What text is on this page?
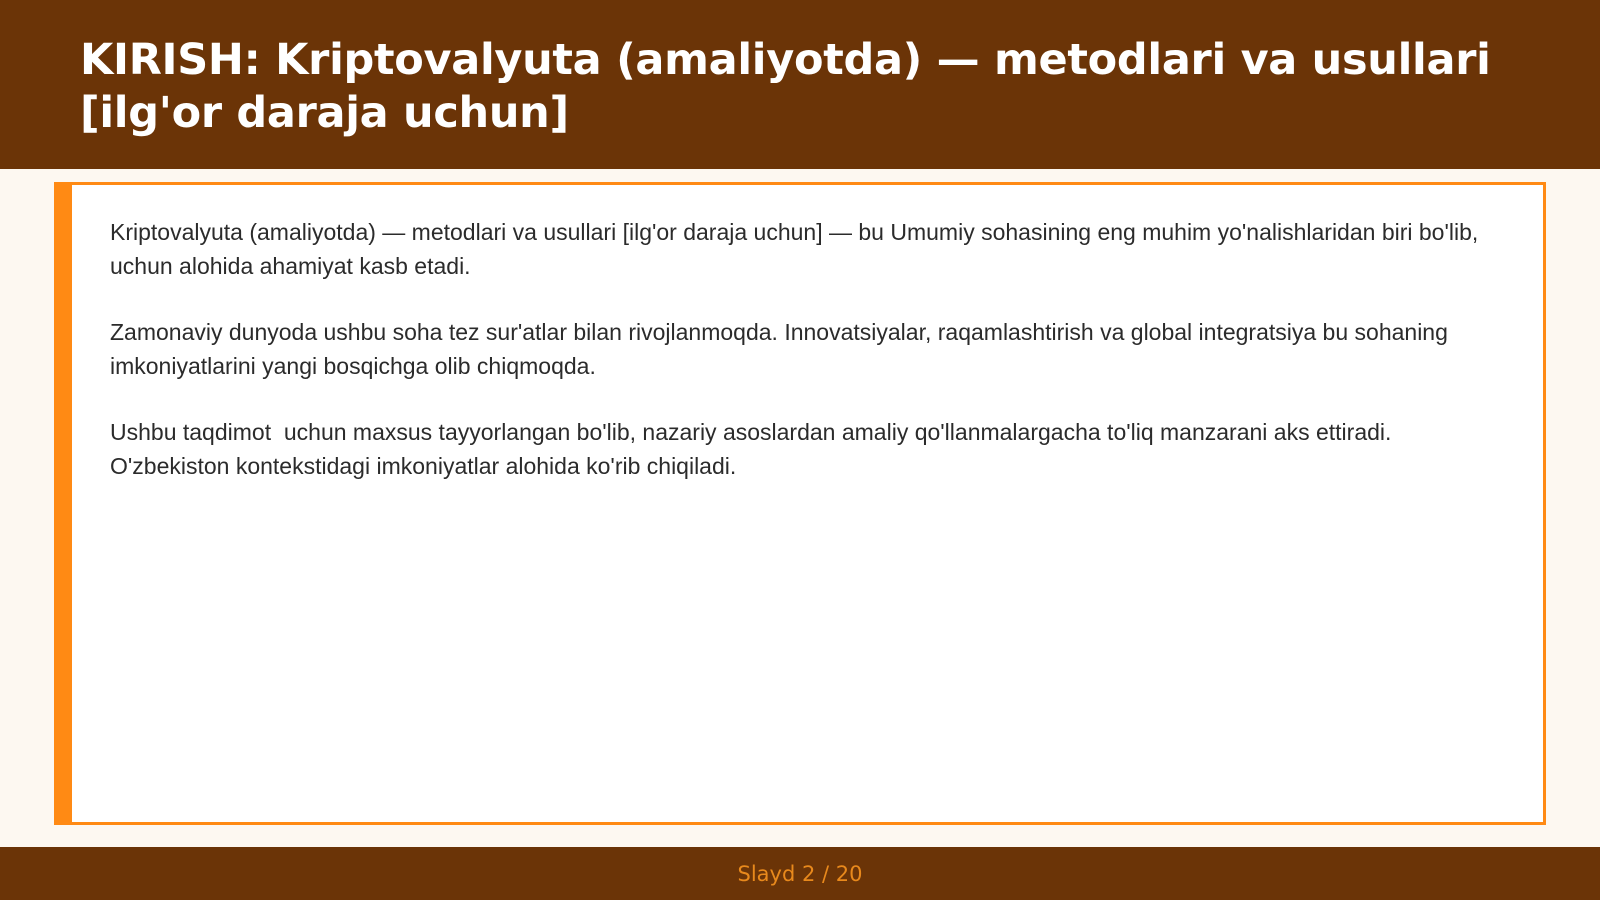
KIRISH: Kriptovalyuta (amaliyotda) — metodlari va usullari [ilg'or daraja uchun]

Kriptovalyuta (amaliyotda) — metodlari va usullari [ilg'or daraja uchun] — bu Umumiy sohasining eng muhim yo'nalishlaridan biri bo'lib,  uchun alohida ahamiyat kasb etadi.

Zamonaviy dunyoda ushbu soha tez sur'atlar bilan rivojlanmoqda. Innovatsiyalar, raqamlashtirish va global integratsiya bu sohaning imkoniyatlarini yangi bosqichga olib chiqmoqda.

Ushbu taqdimot  uchun maxsus tayyorlangan bo'lib, nazariy asoslardan amaliy qo'llanmalargacha to'liq manzarani aks ettiradi. O'zbekiston kontekstidagi imkoniyatlar alohida ko'rib chiqiladi.

Slayd 2 / 20
